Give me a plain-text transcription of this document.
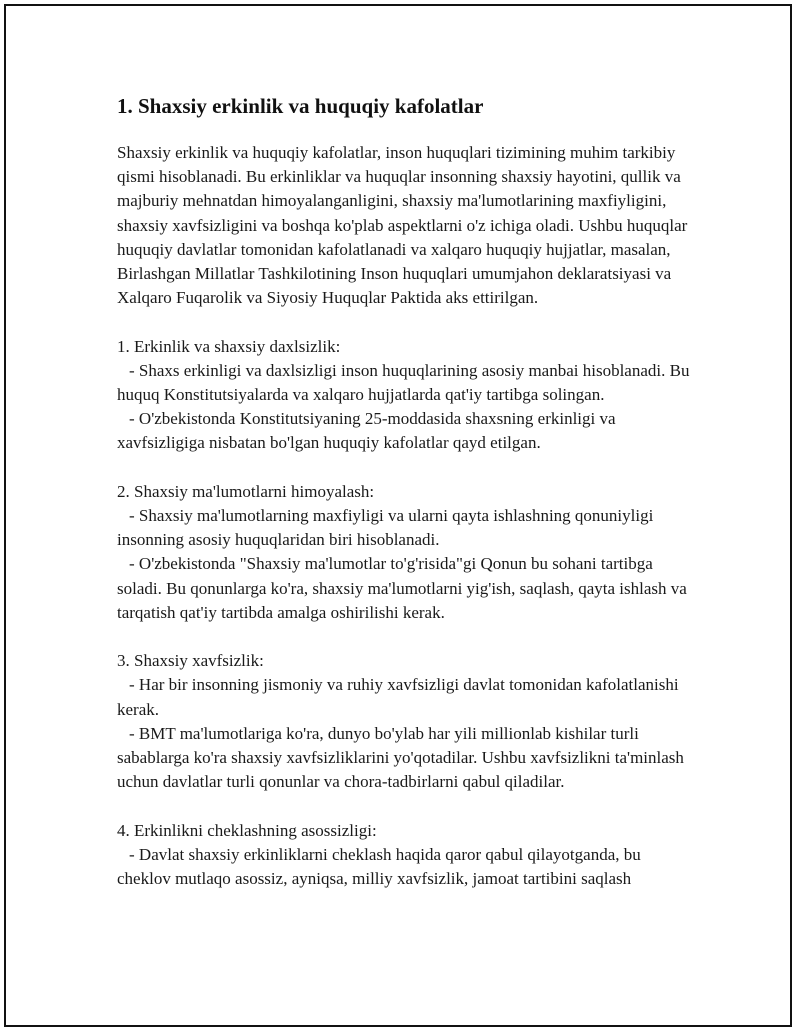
1. Shaxsiy erkinlik va huquqiy kafolatlar

Shaxsiy erkinlik va huquqiy kafolatlar, inson huquqlari tizimining muhim tarkibiy qismi hisoblanadi. Bu erkinliklar va huquqlar insonning shaxsiy hayotini, qullik va majburiy mehnatdan himoyalanganligini, shaxsiy ma'lumotlarining maxfiyligini, shaxsiy xavfsizligini va boshqa ko'plab aspektlarni o'z ichiga oladi. Ushbu huquqlar huquqiy davlatlar tomonidan kafolatlanadi va xalqaro huquqiy hujjatlar, masalan, Birlashgan Millatlar Tashkilotining Inson huquqlari umumjahon deklaratsiyasi va Xalqaro Fuqarolik va Siyosiy Huquqlar Paktida aks ettirilgan.

1. Erkinlik va shaxsiy daxlsizlik:

- Shaxs erkinligi va daxlsizligi inson huquqlarining asosiy manbai hisoblanadi. Bu huquq Konstitutsiyalarda va xalqaro hujjatlarda qat'iy tartibga solingan.

- O'zbekistonda Konstitutsiyaning 25-moddasida shaxsning erkinligi va xavfsizligiga nisbatan bo'lgan huquqiy kafolatlar qayd etilgan.

2. Shaxsiy ma'lumotlarni himoyalash:

- Shaxsiy ma'lumotlarning maxfiyligi va ularni qayta ishlashning qonuniyligi insonning asosiy huquqlaridan biri hisoblanadi.

- O'zbekistonda "Shaxsiy ma'lumotlar to'g'risida"gi Qonun bu sohani tartibga soladi. Bu qonunlarga ko'ra, shaxsiy ma'lumotlarni yig'ish, saqlash, qayta ishlash va tarqatish qat'iy tartibda amalga oshirilishi kerak.

3. Shaxsiy xavfsizlik:

- Har bir insonning jismoniy va ruhiy xavfsizligi davlat tomonidan kafolatlanishi kerak.

- BMT ma'lumotlariga ko'ra, dunyo bo'ylab har yili millionlab kishilar turli sabablarga ko'ra shaxsiy xavfsizliklarini yo'qotadilar. Ushbu xavfsizlikni ta'minlash uchun davlatlar turli qonunlar va chora-tadbirlarni qabul qiladilar.

4. Erkinlikni cheklashning asossizligi:

- Davlat shaxsiy erkinliklarni cheklash haqida qaror qabul qilayotganda, bu cheklov mutlaqo asossiz, ayniqsa, milliy xavfsizlik, jamoat tartibini saqlash
